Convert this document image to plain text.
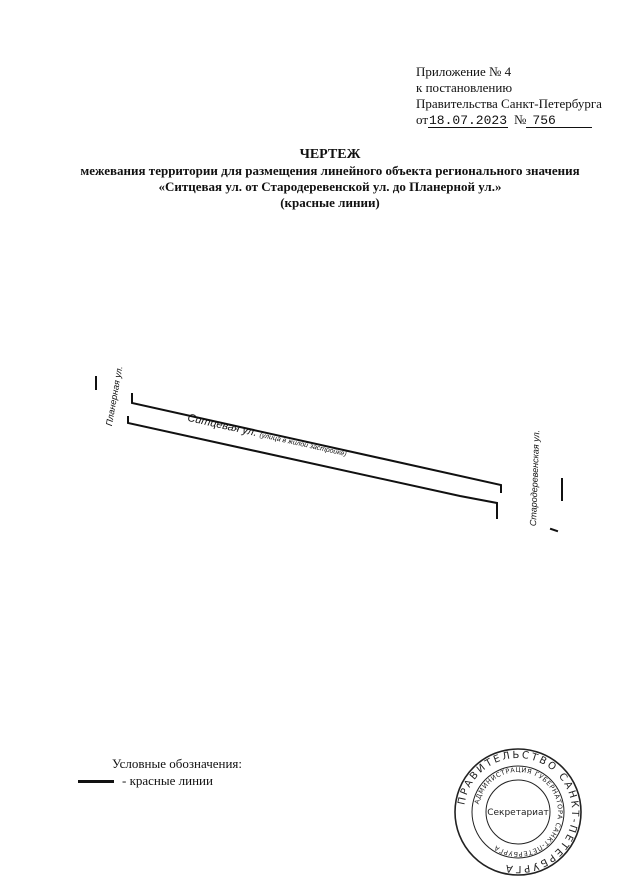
Приложение № 4
к постановлению
Правительства Санкт-Петербурга
от18.07.2023 № 756
ЧЕРТЕЖ
межевания территории для размещения линейного объекта регионального значения
«Ситцевая ул. от Стародеревенской ул. до Планерной ул.»
(красные линии)
Ситцевая ул. (улица в жилой застройке)
Планерная ул.
Стародеревенская ул.
Условные обозначения:
- красные линии
ПРАВИТЕЛЬСТВО САНКТ-ПЕТЕРБУРГА
АДМИНИСТРАЦИЯ ГУБЕРНАТОРА САНКТ-ПЕТЕРБУРГА
Секретариат
